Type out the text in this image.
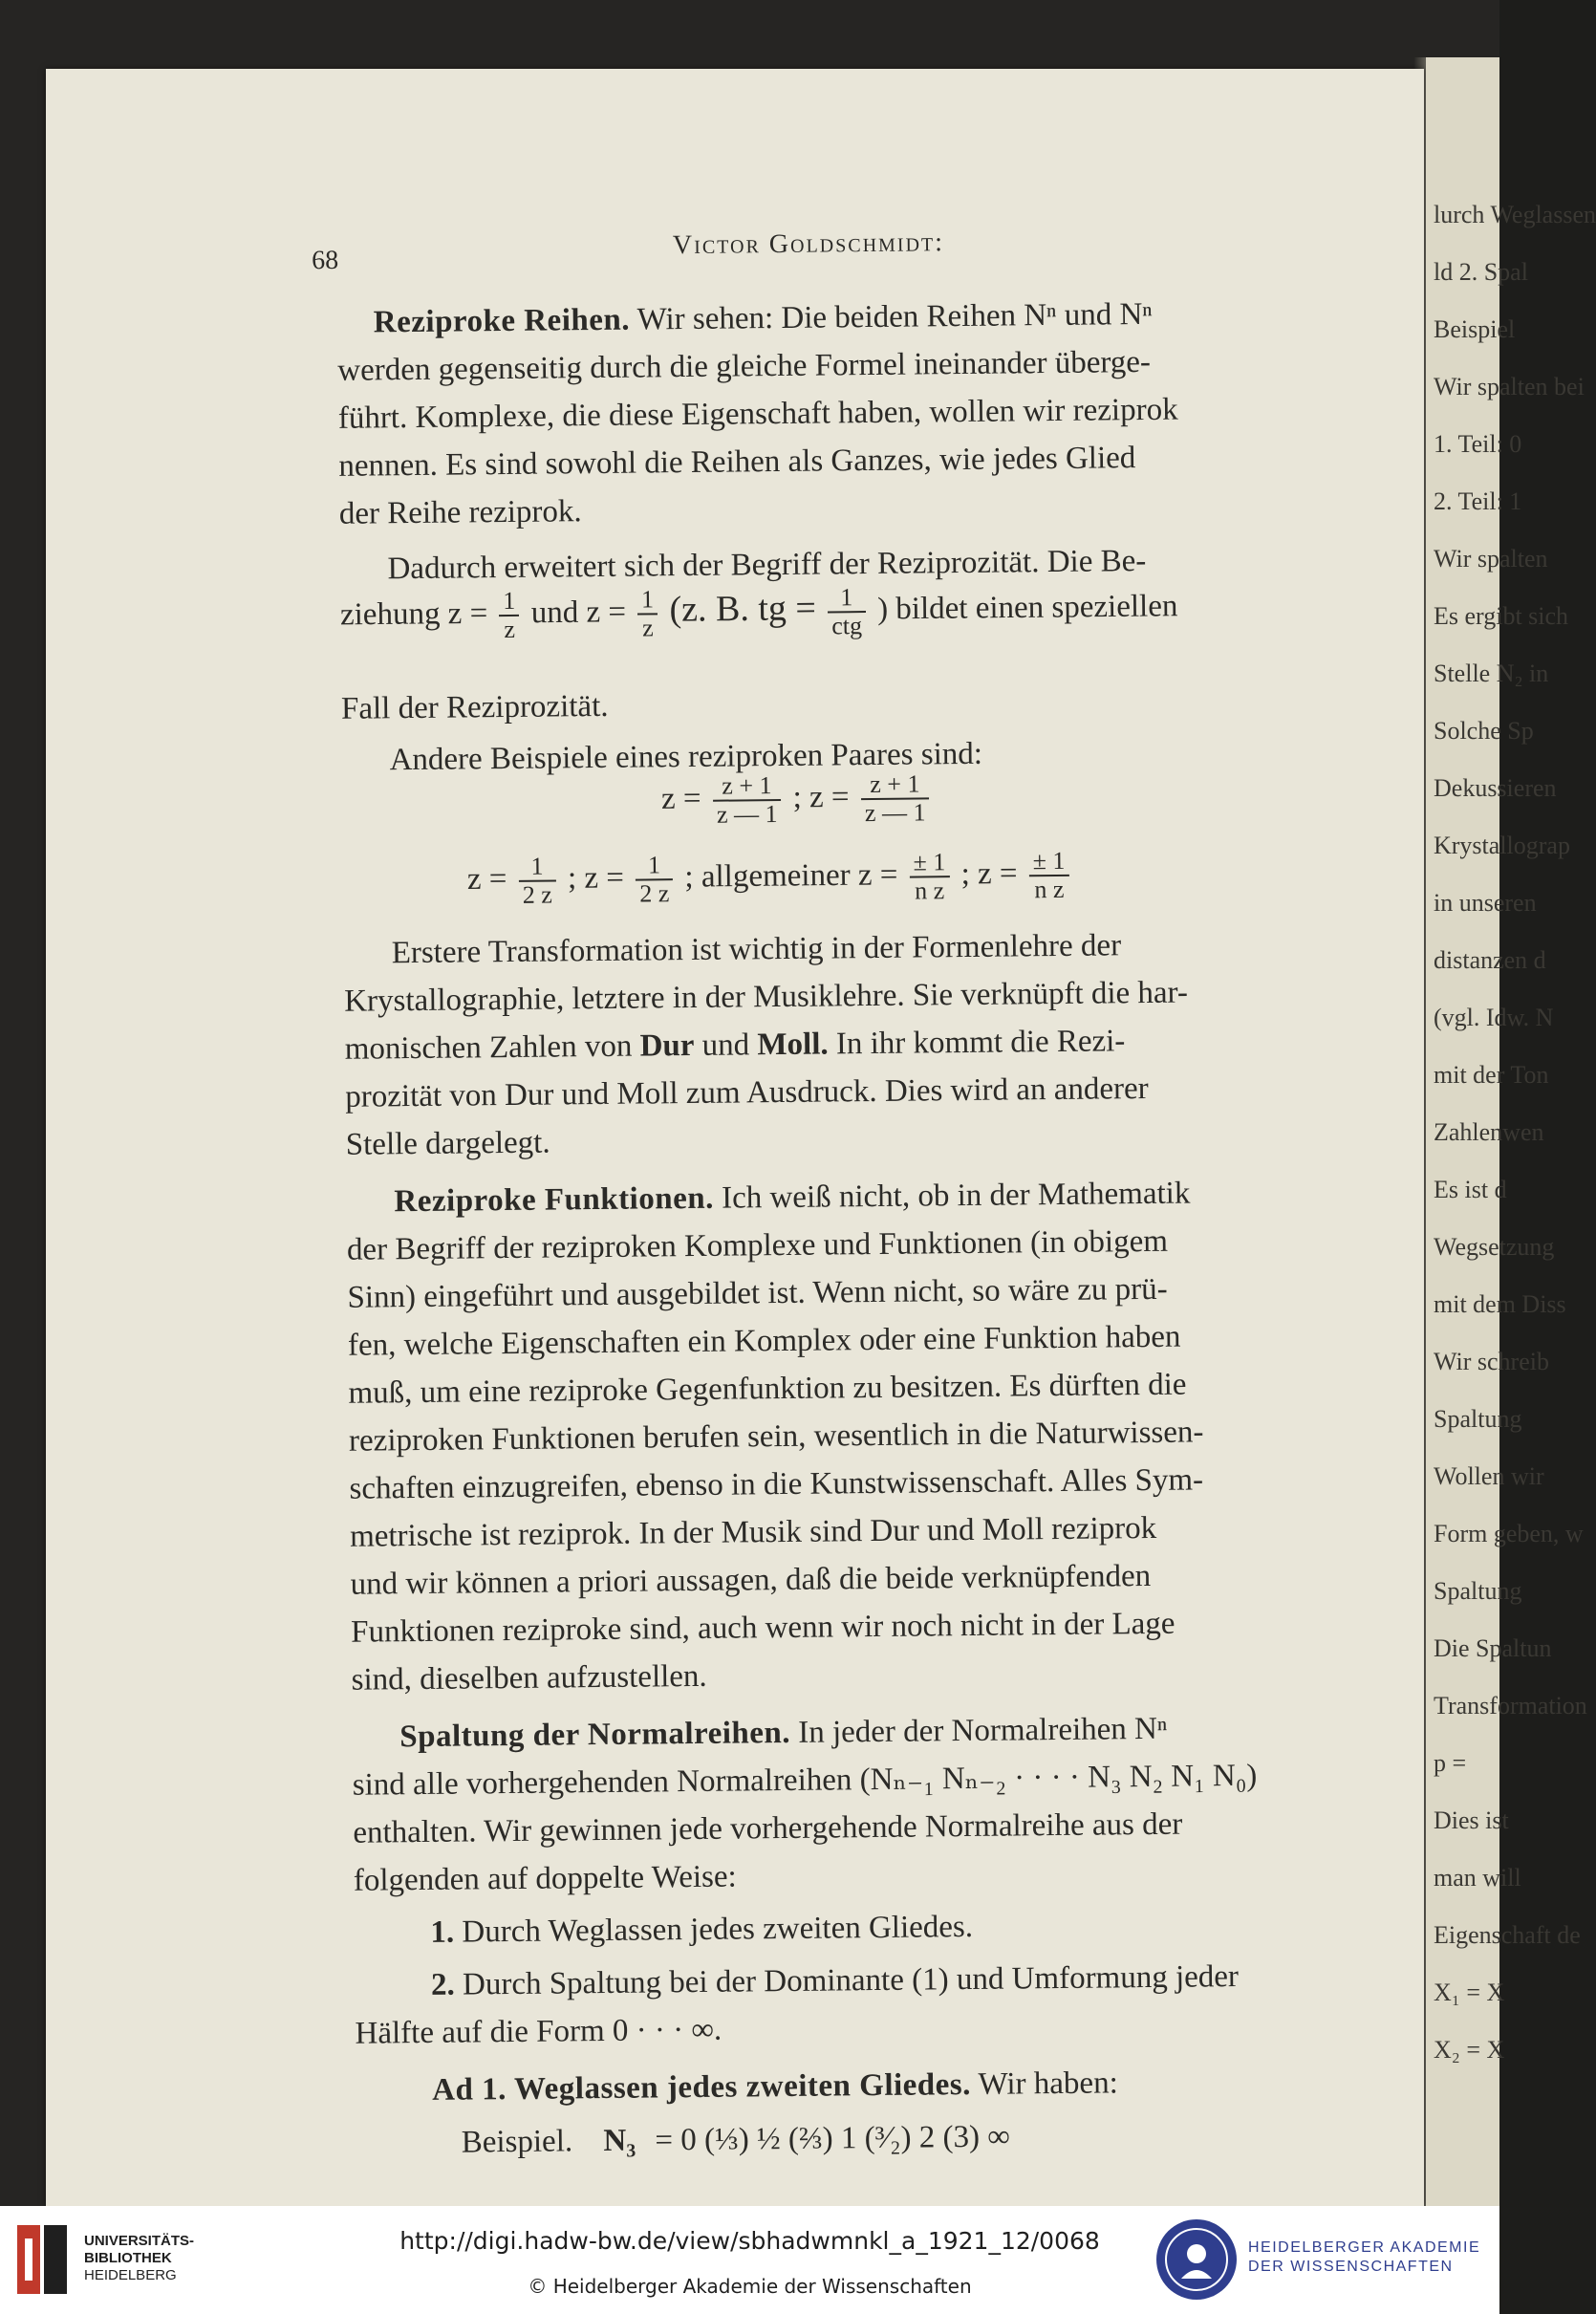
68
Victor Goldschmidt:
Reziproke Reihen. Wir sehen: Die beiden Reihen Nⁿ und Nⁿ
werden gegenseitig durch die gleiche Formel ineinander überge-
führt. Komplexe, die diese Eigenschaft haben, wollen wir reziprok
nennen. Es sind sowohl die Reihen als Ganzes, wie jedes Glied
der Reihe reziprok.
Dadurch erweitert sich der Begriff der Reziprozität. Die Be-
ziehung $z = \frac{1}{z}$ und $z = \frac{1}{z} (z$. B. tg = $\frac{1}{\text{ctg}}$ ) bildet einen speziellen
Fall der Reziprozität.
Andere Beispiele eines reziproken Paares sind:
$z = \frac{z + 1}{z — 1}$ ; $z = \frac{z + 1}{z — 1}$
$z = \frac{1}{2 z}$ ; $z = \frac{1}{2 z}$ ; allgemeiner $z = \frac{\pm 1}{\text{n z}}$ ; $z = \frac{\pm 1}{\text{n z}}$
Erstere Transformation ist wichtig in der Formenlehre der
Krystallographie, letztere in der Musiklehre. Sie verknüpft die har-
monischen Zahlen von Dur und Moll. In ihr kommt die Rezi-
prozität von Dur und Moll zum Ausdruck. Dies wird an anderer
Stelle dargelegt.
Reziproke Funktionen. Ich weiß nicht, ob in der Mathematik
der Begriff der reziproken Komplexe und Funktionen (in obigem
Sinn) eingeführt und ausgebildet ist. Wenn nicht, so wäre zu prü-
fen, welche Eigenschaften ein Komplex oder eine Funktion haben
muß, um eine reziproke Gegenfunktion zu besitzen. Es dürften die
reziproken Funktionen berufen sein, wesentlich in die Naturwissen-
schaften einzugreifen, ebenso in die Kunstwissenschaft. Alles Sym-
metrische ist reziprok. In der Musik sind Dur und Moll reziprok
und wir können a priori aussagen, daß die beide verknüpfenden
Funktionen reziproke sind, auch wenn wir noch nicht in der Lage
sind, dieselben aufzustellen.
Spaltung der Normalreihen. In jeder der Normalreihen Nⁿ
sind alle vorhergehenden Normalreihen (Nₙ₋₁ Nₙ₋₂ · · · · N₃ N₂ N₁ N₀)
enthalten. Wir gewinnen jede vorhergehende Normalreihe aus der
folgenden auf doppelte Weise:
1. Durch Weglassen jedes zweiten Gliedes.
2. Durch Spaltung bei der Dominante (1) und Umformung jeder
Hälfte auf die Form 0 · · · ∞.
Ad 1. Weglassen jedes zweiten Gliedes. Wir haben:
Beispiel. N₃ = 0 (⅓) ½ (⅔) 1 (³⁄₂) 2 (3) ∞
lurch Weglassen
ld 2. Spal
Beispiel
Wir spalten bei
1. Teil: 0
2. Teil: 1
Wir spalten
Es ergibt sich
Stelle N₂ in
Solche Sp
Dekussieren
Krystallograp
in unseren
distanzen d
(vgl. Idw. N
mit der Ton
Zahlenwen
Es ist d
Wegsetzung
mit dem Diss
Wir schreib
Spaltung
Wollen wir
Form geben, w
Spaltung
Die Spaltun
Transformation
p =
Dies ist
man will
Eigenschaft de
X₁ = X
X₂ = X
UNIVERSITÄTS-
BIBLIOTHEK
HEIDELBERG
http://digi.hadw-bw.de/view/sbhadwmnkl_a_1921_12/0068
© Heidelberger Akademie der Wissenschaften
HEIDELBERGER AKADEMIE
DER WISSENSCHAFTEN
